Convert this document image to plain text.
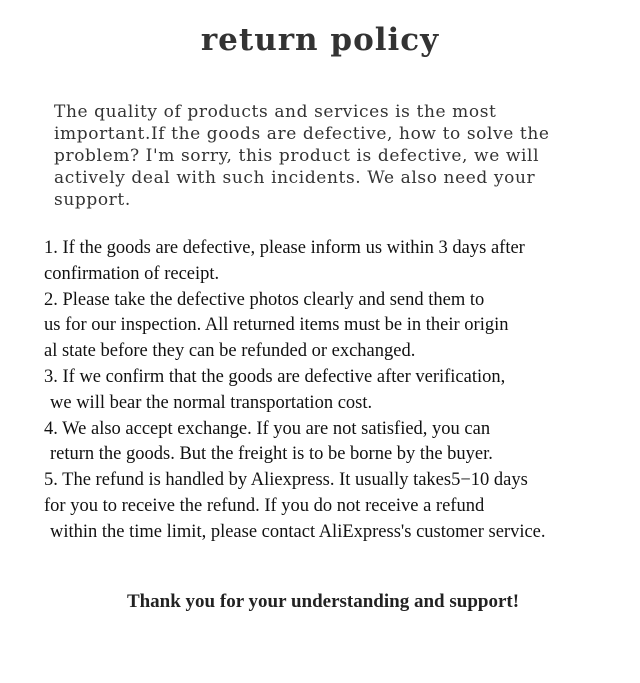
return policy
The quality of products and services is the most
important.If the goods are defective, how to solve the
problem? I'm sorry, this product is defective, we will
actively deal with such incidents. We also need your
support.
1. If the goods are defective, please inform us within 3 days after
confirmation of receipt.
2. Please take the defective photos clearly and send them to
us for our inspection. All returned items must be in their origin
al state before they can be refunded or exchanged.
3. If we confirm that the goods are defective after verification,
we will bear the normal transportation cost.
4. We also accept exchange. If you are not satisfied, you can
return the goods. But the freight is to be borne by the buyer.
5. The refund is handled by Aliexpress. It usually takes5−10 days
for you to receive the refund. If you do not receive a refund
within the time limit, please contact AliExpress's customer service.
Thank you for your understanding and support!
